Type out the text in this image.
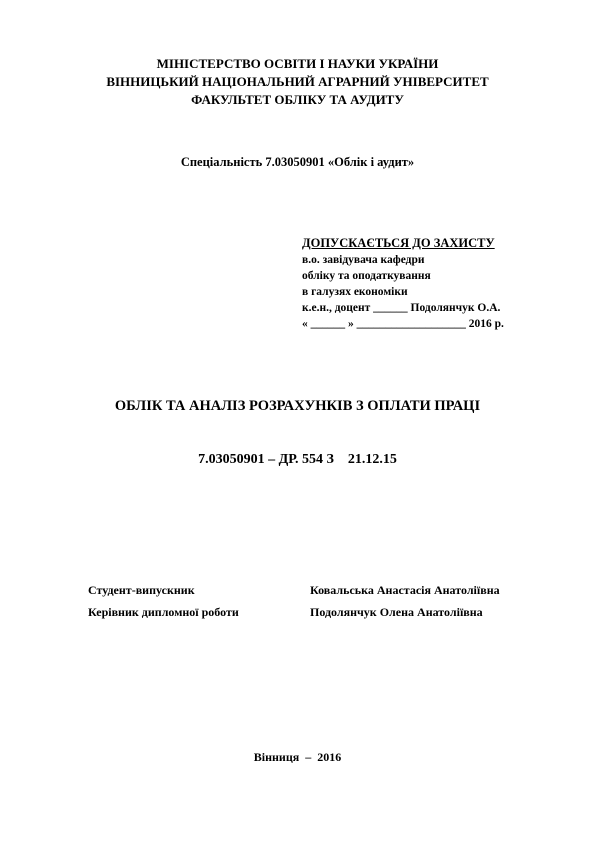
МІНІСТЕРСТВО ОСВІТИ І НАУКИ УКРАЇНИ
ВІННИЦЬКИЙ НАЦІОНАЛЬНИЙ АГРАРНИЙ УНІВЕРСИТЕТ
ФАКУЛЬТЕТ ОБЛІКУ ТА АУДИТУ
Спеціальність 7.03050901 «Облік і аудит»
ДОПУСКАЄТЬСЯ ДО ЗАХИСТУ
в.о. завідувача кафедри
обліку та оподаткування
в галузях економіки
к.е.н., доцент ______ Подолянчук О.А.
« ______ » ___________________ 2016 р.
ОБЛІК ТА АНАЛІЗ РОЗРАХУНКІВ З ОПЛАТИ ПРАЦІ
7.03050901 – ДР. 554 З    21.12.15
Студент-випускник	Ковальська Анастасія Анатоліївна
Керівник дипломної роботи	Подолянчук Олена Анатоліївна
Вінниця  –  2016
